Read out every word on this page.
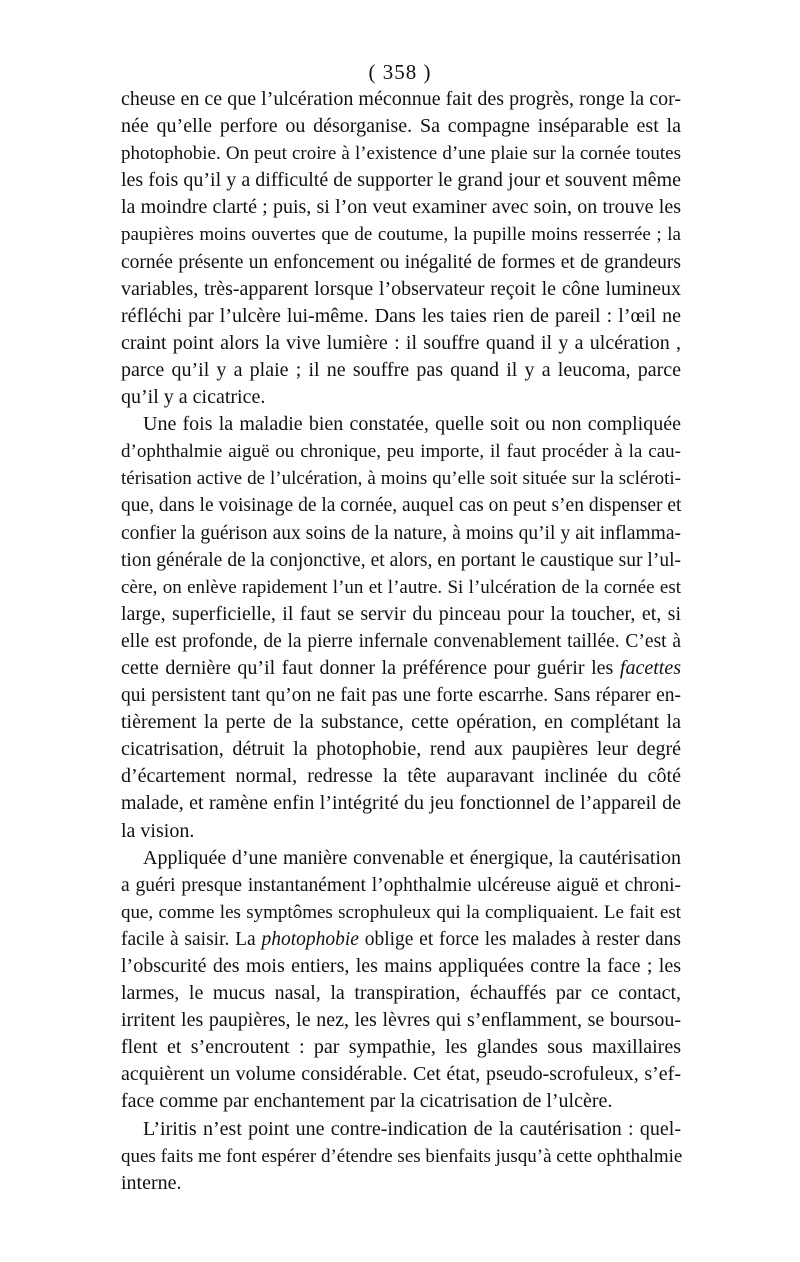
( 358 )
cheuse en ce que l’ulcération méconnue fait des progrès, ronge la cor-
née qu’elle perfore ou désorganise. Sa compagne inséparable est la
photophobie. On peut croire à l’existence d’une plaie sur la cornée toutes
les fois qu’il y a difficulté de supporter le grand jour et souvent même
la moindre clarté ; puis, si l’on veut examiner avec soin, on trouve les
paupières moins ouvertes que de coutume, la pupille moins resserrée ; la
cornée présente un enfoncement ou inégalité de formes et de grandeurs
variables, très-apparent lorsque l’observateur reçoit le cône lumineux
réfléchi par l’ulcère lui-même. Dans les taies rien de pareil : l’œil ne
craint point alors la vive lumière : il souffre quand il y a ulcération ,
parce qu’il y a plaie ; il ne souffre pas quand il y a leucoma, parce
qu’il y a cicatrice.
Une fois la maladie bien constatée, quelle soit ou non compliquée
d’ophthalmie aiguë ou chronique, peu importe, il faut procéder à la cau-
térisation active de l’ulcération, à moins qu’elle soit située sur la scléroti-
que, dans le voisinage de la cornée, auquel cas on peut s’en dispenser et
confier la guérison aux soins de la nature, à moins qu’il y ait inflamma-
tion générale de la conjonctive, et alors, en portant le caustique sur l’ul-
cère, on enlève rapidement l’un et l’autre. Si l’ulcération de la cornée est
large, superficielle, il faut se servir du pinceau pour la toucher, et, si
elle est profonde, de la pierre infernale convenablement taillée. C’est à
cette dernière qu’il faut donner la préférence pour guérir les facettes
qui persistent tant qu’on ne fait pas une forte escarrhe. Sans réparer en-
tièrement la perte de la substance, cette opération, en complétant la
cicatrisation, détruit la photophobie, rend aux paupières leur degré
d’écartement normal, redresse la tête auparavant inclinée du côté
malade, et ramène enfin l’intégrité du jeu fonctionnel de l’appareil de
la vision.
Appliquée d’une manière convenable et énergique, la cautérisation
a guéri presque instantanément l’ophthalmie ulcéreuse aiguë et chroni-
que, comme les symptômes scrophuleux qui la compliquaient. Le fait est
facile à saisir. La photophobie oblige et force les malades à rester dans
l’obscurité des mois entiers, les mains appliquées contre la face ; les
larmes, le mucus nasal, la transpiration, échauffés par ce contact,
irritent les paupières, le nez, les lèvres qui s’enflamment, se boursou-
flent et s’encroutent : par sympathie, les glandes sous maxillaires
acquièrent un volume considérable. Cet état, pseudo-scrofuleux, s’ef-
face comme par enchantement par la cicatrisation de l’ulcère.
L’iritis n’est point une contre-indication de la cautérisation : quel-
ques faits me font espérer d’étendre ses bienfaits jusqu’à cette ophthalmie
interne.
